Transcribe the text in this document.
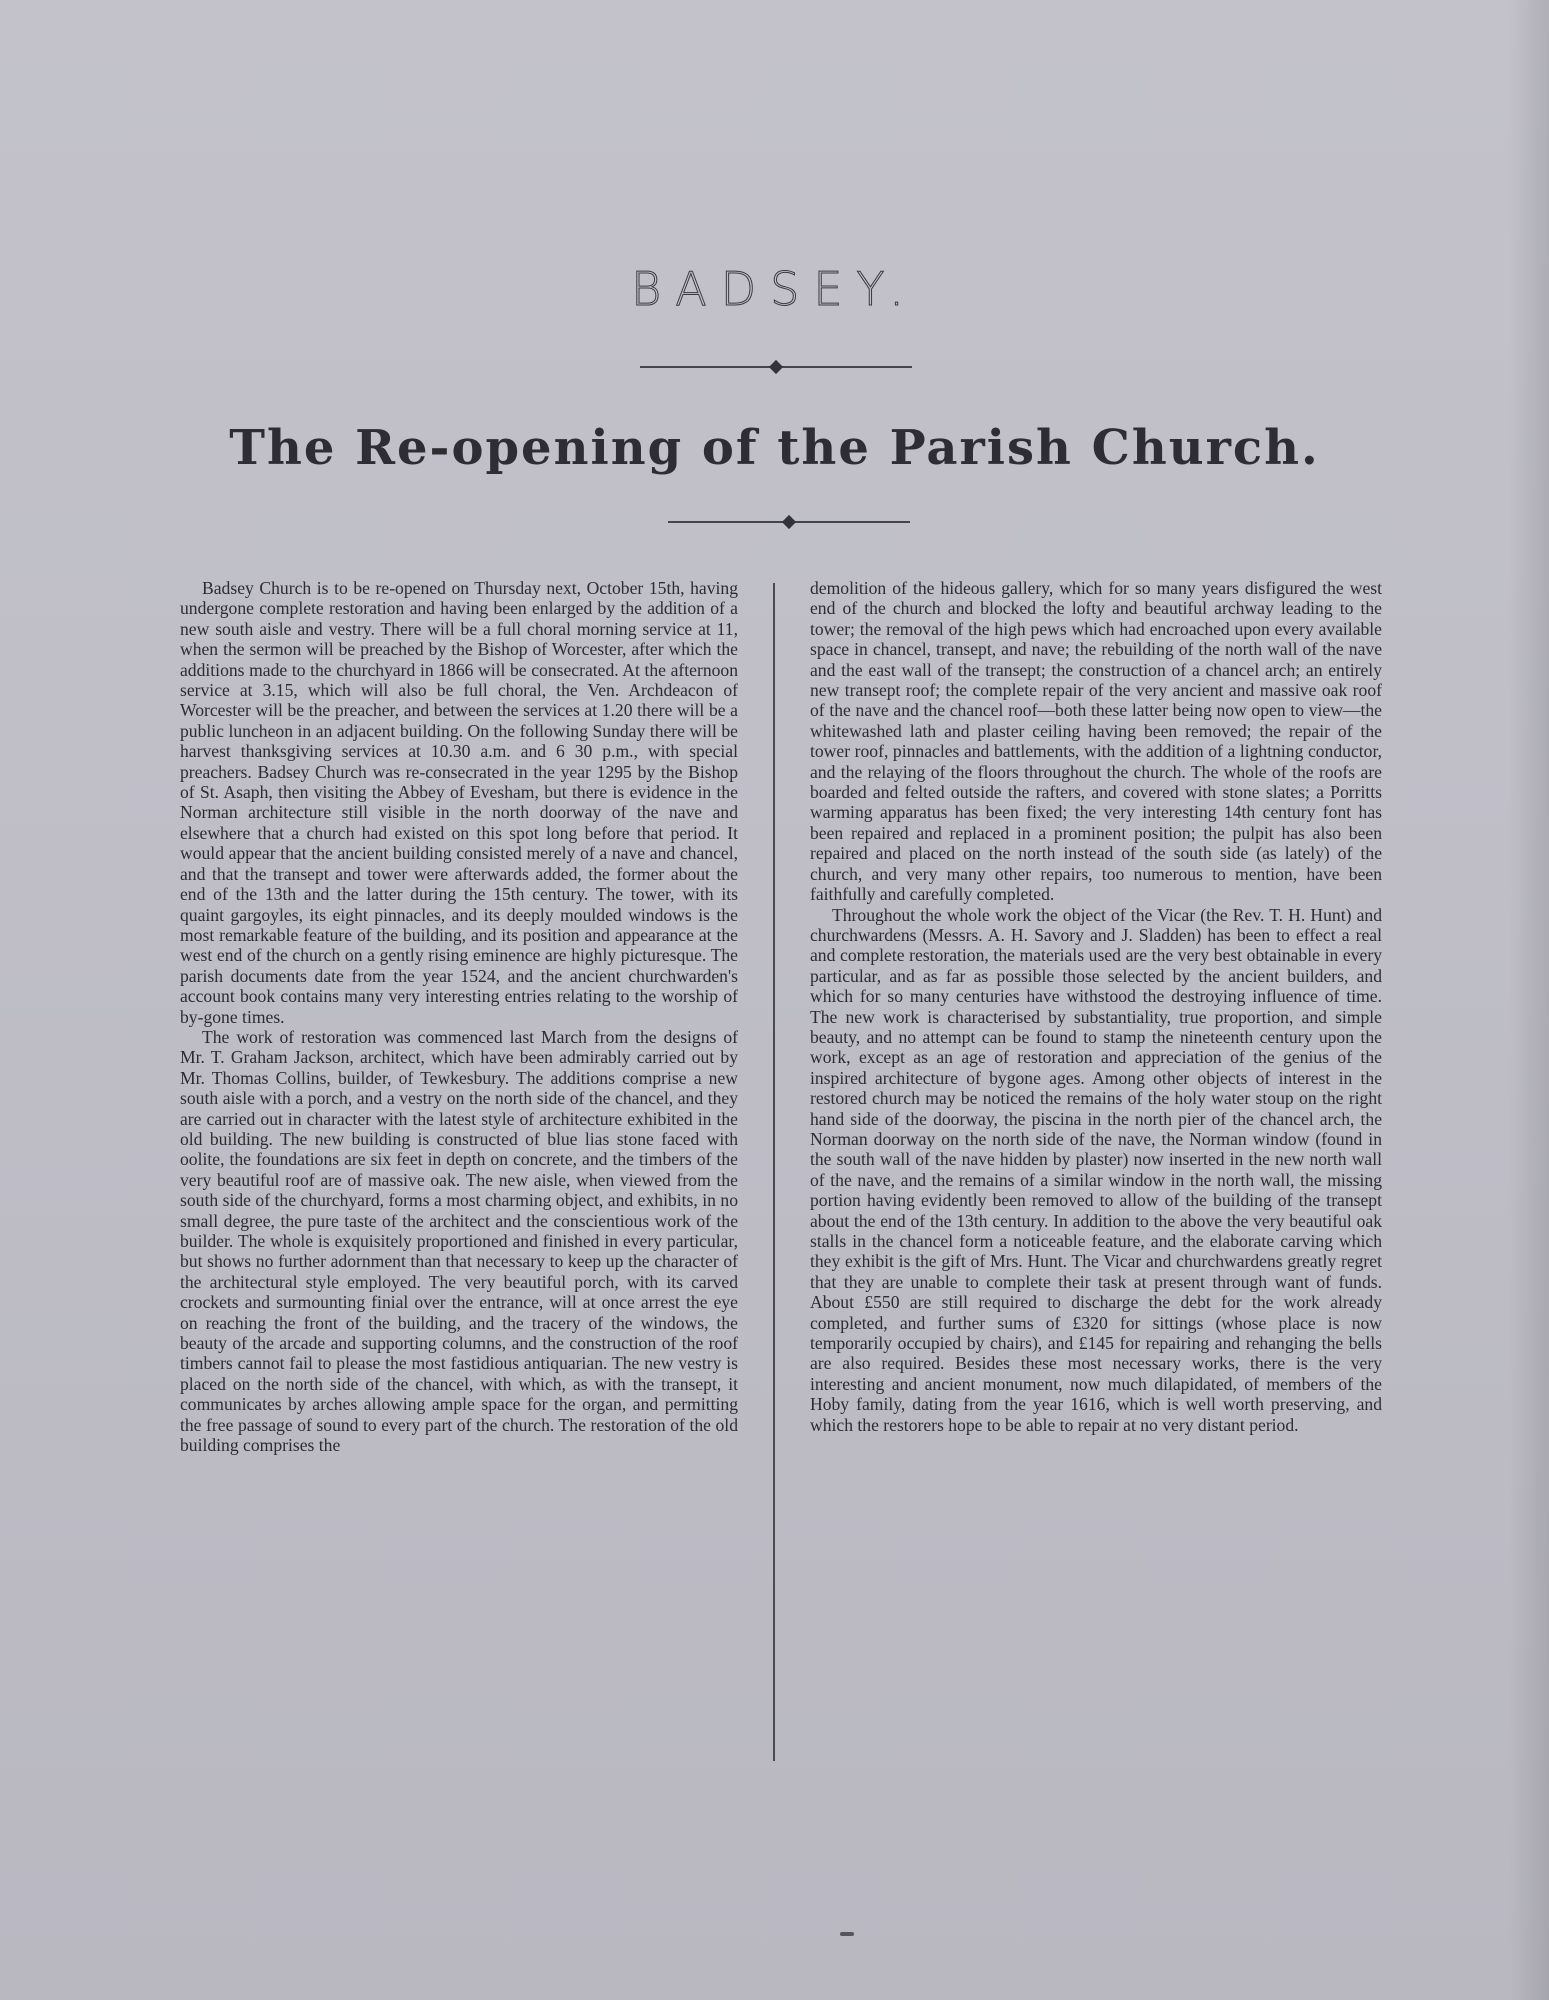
BADSEY.
The Re-opening of the Parish Church.

Badsey Church is to be re-opened on Thursday next, October 15th, having undergone complete restoration and having been enlarged by the addition of a new south aisle and vestry. There will be a full choral morning service at 11, when the sermon will be preached by the Bishop of Worcester, after which the additions made to the churchyard in 1866 will be consecrated. At the afternoon service at 3.15, which will also be full choral, the Ven. Archdeacon of Worcester will be the preacher, and between the services at 1.20 there will be a public luncheon in an adjacent building. On the following Sunday there will be harvest thanksgiving services at 10.30 a.m. and 6 30 p.m., with special preachers. Badsey Church was re-consecrated in the year 1295 by the Bishop of St. Asaph, then visiting the Abbey of Evesham, but there is evidence in the Norman architecture still visible in the north doorway of the nave and elsewhere that a church had existed on this spot long before that period. It would appear that the ancient building consisted merely of a nave and chancel, and that the transept and tower were afterwards added, the former about the end of the 13th and the latter during the 15th century. The tower, with its quaint gargoyles, its eight pinnacles, and its deeply moulded windows is the most remarkable feature of the building, and its position and appearance at the west end of the church on a gently rising eminence are highly picturesque. The parish documents date from the year 1524, and the ancient churchwarden's account book contains many very interesting entries relating to the worship of by-gone times.

The work of restoration was commenced last March from the designs of Mr. T. Graham Jackson, architect, which have been admirably carried out by Mr. Thomas Collins, builder, of Tewkesbury. The additions comprise a new south aisle with a porch, and a vestry on the north side of the chancel, and they are carried out in character with the latest style of architecture exhibited in the old building. The new building is constructed of blue lias stone faced with oolite, the foundations are six feet in depth on concrete, and the timbers of the very beautiful roof are of massive oak. The new aisle, when viewed from the south side of the churchyard, forms a most charming object, and exhibits, in no small degree, the pure taste of the architect and the conscientious work of the builder. The whole is exquisitely proportioned and finished in every particular, but shows no further adornment than that necessary to keep up the character of the architectural style employed. The very beautiful porch, with its carved crockets and surmounting finial over the entrance, will at once arrest the eye on reaching the front of the building, and the tracery of the windows, the beauty of the arcade and supporting columns, and the construction of the roof timbers cannot fail to please the most fastidious antiquarian. The new vestry is placed on the north side of the chancel, with which, as with the transept, it communicates by arches allowing ample space for the organ, and permitting the free passage of sound to every part of the church. The restoration of the old building comprises the

demolition of the hideous gallery, which for so many years disfigured the west end of the church and blocked the lofty and beautiful archway leading to the tower; the removal of the high pews which had encroached upon every available space in chancel, transept, and nave; the rebuilding of the north wall of the nave and the east wall of the transept; the construction of a chancel arch; an entirely new transept roof; the complete repair of the very ancient and massive oak roof of the nave and the chancel roof—both these latter being now open to view—the whitewashed lath and plaster ceiling having been removed; the repair of the tower roof, pinnacles and battlements, with the addition of a lightning conductor, and the relaying of the floors throughout the church. The whole of the roofs are boarded and felted outside the rafters, and covered with stone slates; a Porritts warming apparatus has been fixed; the very interesting 14th century font has been repaired and replaced in a prominent position; the pulpit has also been repaired and placed on the north instead of the south side (as lately) of the church, and very many other repairs, too numerous to mention, have been faithfully and carefully completed.

Throughout the whole work the object of the Vicar (the Rev. T. H. Hunt) and churchwardens (Messrs. A. H. Savory and J. Sladden) has been to effect a real and complete restoration, the materials used are the very best obtainable in every particular, and as far as possible those selected by the ancient builders, and which for so many centuries have withstood the destroying influence of time. The new work is characterised by substantiality, true proportion, and simple beauty, and no attempt can be found to stamp the nineteenth century upon the work, except as an age of restoration and appreciation of the genius of the inspired architecture of bygone ages. Among other objects of interest in the restored church may be noticed the remains of the holy water stoup on the right hand side of the doorway, the piscina in the north pier of the chancel arch, the Norman doorway on the north side of the nave, the Norman window (found in the south wall of the nave hidden by plaster) now inserted in the new north wall of the nave, and the remains of a similar window in the north wall, the missing portion having evidently been removed to allow of the building of the transept about the end of the 13th century. In addition to the above the very beautiful oak stalls in the chancel form a noticeable feature, and the elaborate carving which they exhibit is the gift of Mrs. Hunt. The Vicar and churchwardens greatly regret that they are unable to complete their task at present through want of funds. About £550 are still required to discharge the debt for the work already completed, and further sums of £320 for sittings (whose place is now temporarily occupied by chairs), and £145 for repairing and rehanging the bells are also required. Besides these most necessary works, there is the very interesting and ancient monument, now much dilapidated, of members of the Hoby family, dating from the year 1616, which is well worth preserving, and which the restorers hope to be able to repair at no very distant period.
